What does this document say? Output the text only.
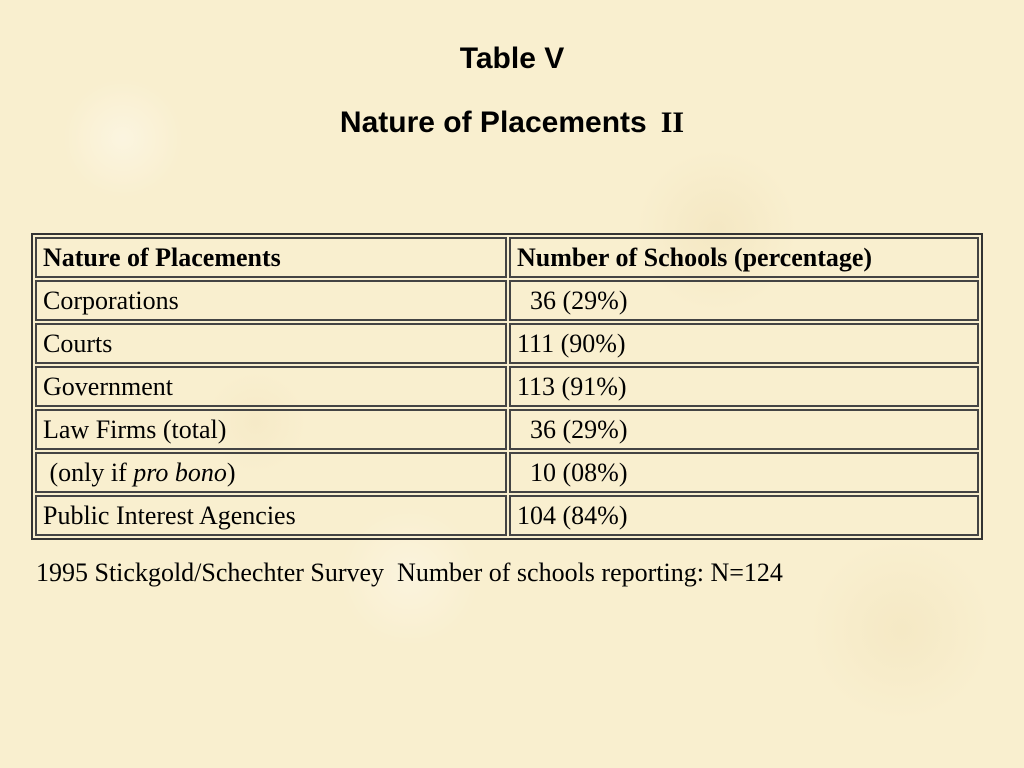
Table V
Nature of Placements II
Nature of Placements	Number of Schools (percentage)
Corporations	36 (29%)
Courts	111 (90%)
Government	113 (91%)
Law Firms (total)	36 (29%)
(only if pro bono)	10 (08%)
Public Interest Agencies	104 (84%)
1995 Stickgold/Schechter Survey  Number of schools reporting: N=124
